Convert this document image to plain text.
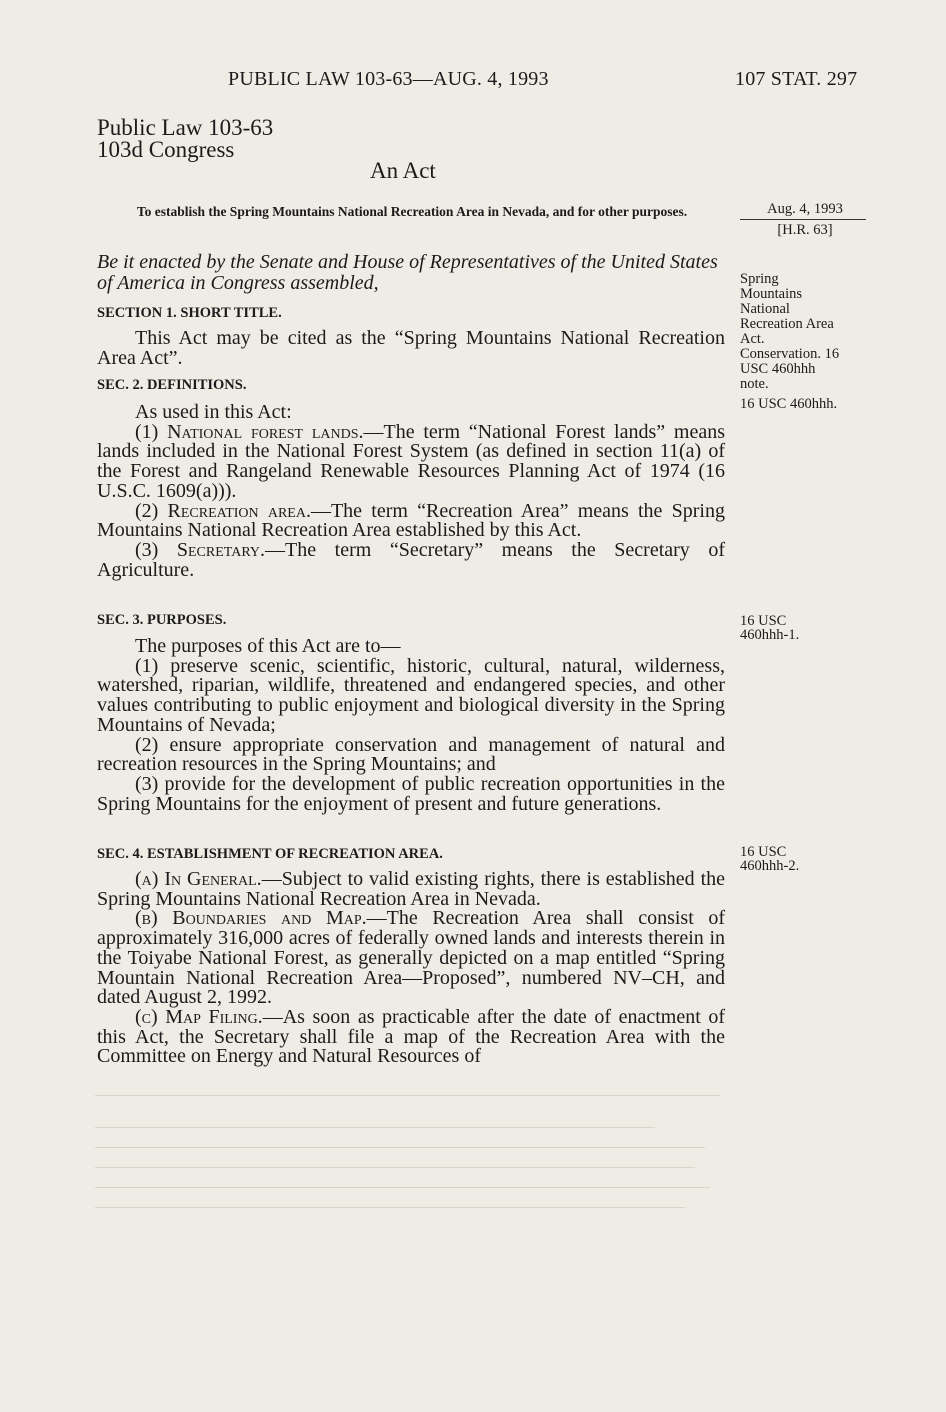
PUBLIC LAW 103-63—AUG. 4, 1993	107 STAT. 297
Public Law 103-63
103d Congress
An Act
To establish the Spring Mountains National Recreation Area in Nevada, and for other purposes.	Aug. 4, 1993
[H.R. 63]
Be it enacted by the Senate and House of Representatives of the United States of America in Congress assembled,	Spring Mountains National Recreation Area Act. Conservation. 16 USC 460hhh note.
16 USC 460hhh.
SECTION 1. SHORT TITLE.

This Act may be cited as the “Spring Mountains National Recreation Area Act”.

SEC. 2. DEFINITIONS.

As used in this Act:

(1) National forest lands.—The term “National Forest lands” means lands included in the National Forest System (as defined in section 11(a) of the Forest and Rangeland Renewable Resources Planning Act of 1974 (16 U.S.C. 1609(a))).

(2) Recreation area.—The term “Recreation Area” means the Spring Mountains National Recreation Area established by this Act.

(3) Secretary.—The term “Secretary” means the Secretary of Agriculture.

SEC. 3. PURPOSES.	16 USC
460hhh-1.

The purposes of this Act are to—

(1) preserve scenic, scientific, historic, cultural, natural, wilderness, watershed, riparian, wildlife, threatened and endangered species, and other values contributing to public enjoyment and biological diversity in the Spring Mountains of Nevada;

(2) ensure appropriate conservation and management of natural and recreation resources in the Spring Mountains; and

(3) provide for the development of public recreation opportunities in the Spring Mountains for the enjoyment of present and future generations.

SEC. 4. ESTABLISHMENT OF RECREATION AREA.	16 USC
460hhh-2.

(a) In General.—Subject to valid existing rights, there is established the Spring Mountains National Recreation Area in Nevada.

(b) Boundaries and Map.—The Recreation Area shall consist of approximately 316,000 acres of federally owned lands and interests therein in the Toiyabe National Forest, as generally depicted on a map entitled “Spring Mountain National Recreation Area—Proposed”, numbered NV–CH, and dated August 2, 1992.

(c) Map Filing.—As soon as practicable after the date of enactment of this Act, the Secretary shall file a map of the Recreation Area with the Committee on Energy and Natural Resources of
